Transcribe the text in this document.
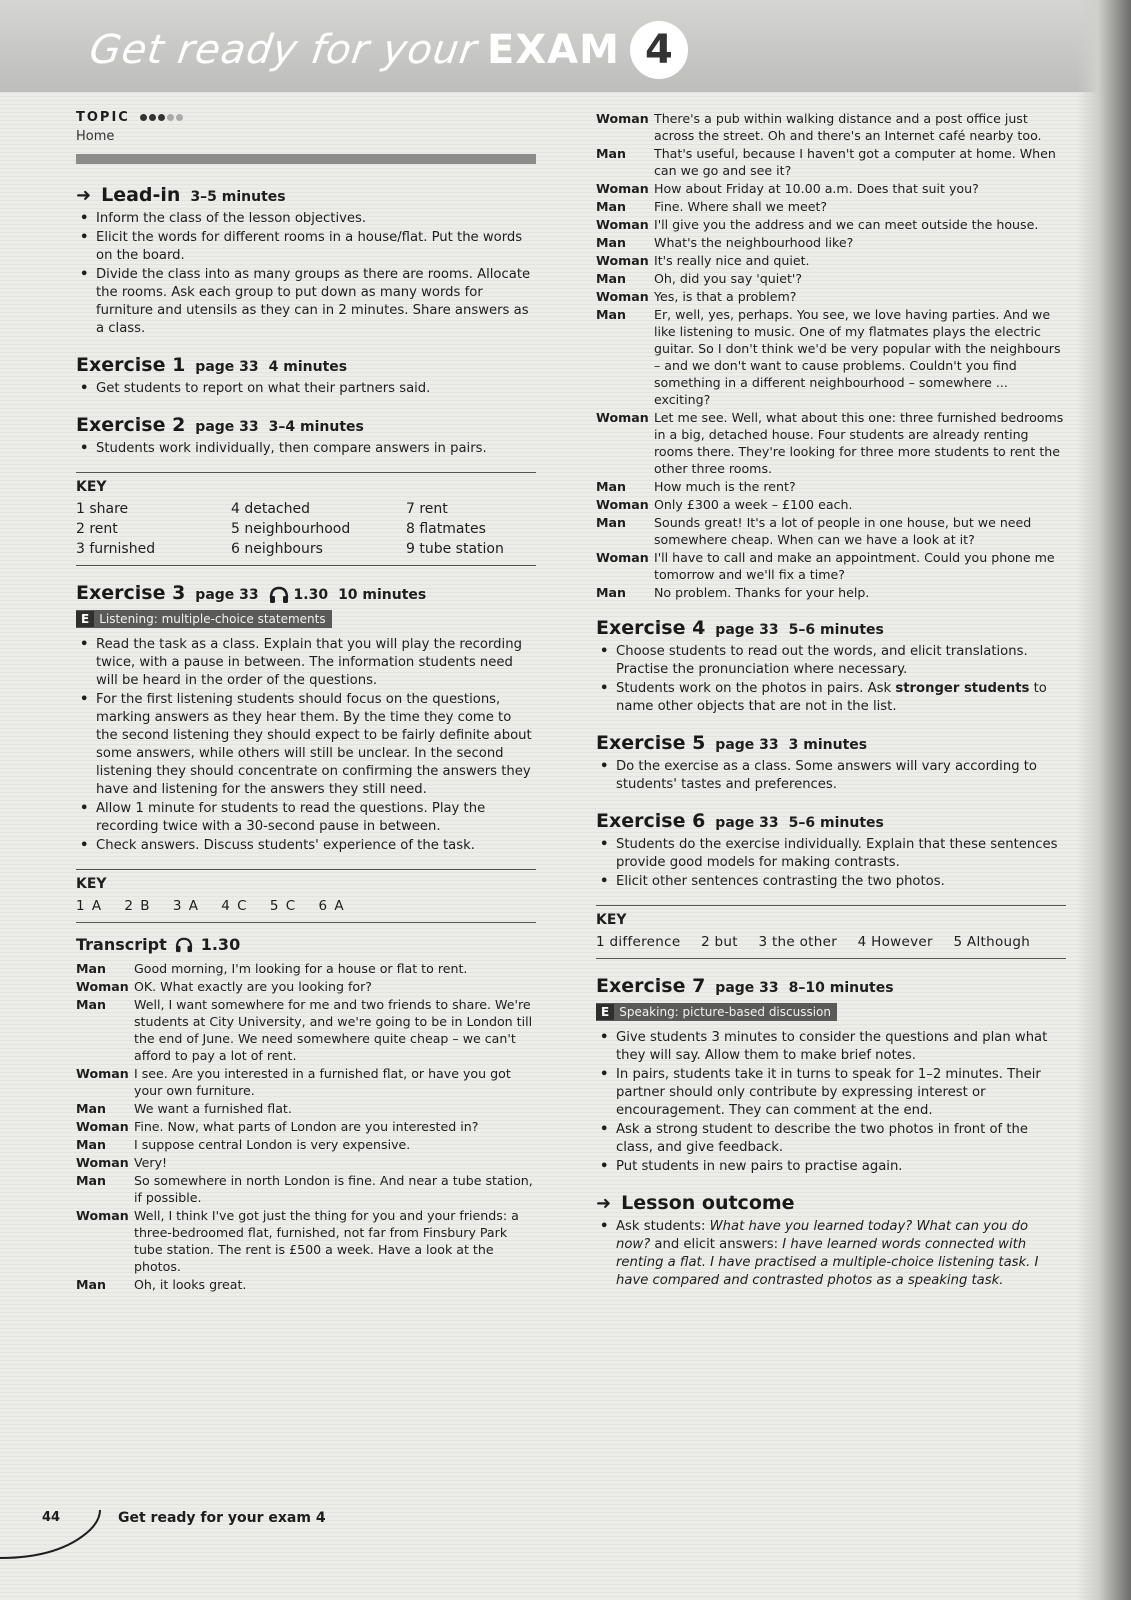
Get ready for your EXAM 4
TOPIC
Home
➜ Lead-in 3–5 minutes
• Inform the class of the lesson objectives.
• Elicit the words for different rooms in a house/flat. Put the words on the board.
• Divide the class into as many groups as there are rooms. Allocate the rooms. Ask each group to put down as many words for furniture and utensils as they can in 2 minutes. Share answers as a class.
Exercise 1 page 33 4 minutes
• Get students to report on what their partners said.
Exercise 2 page 33 3–4 minutes
• Students work individually, then compare answers in pairs.
KEY
1 share	4 detached	7 rent
2 rent	5 neighbourhood	8 flatmates
3 furnished	6 neighbours	9 tube station
Exercise 3 page 33	1.30 10 minutes
E Listening: multiple-choice statements
• Read the task as a class. Explain that you will play the recording twice, with a pause in between. The information students need will be heard in the order of the questions.
• For the first listening students should focus on the questions, marking answers as they hear them. By the time they come to the second listening they should expect to be fairly definite about some answers, while others will still be unclear. In the second listening they should concentrate on confirming the answers they have and listening for the answers they still need.
• Allow 1 minute for students to read the questions. Play the recording twice with a 30-second pause in between.
• Check answers. Discuss students' experience of the task.
KEY
1 A 2 B 3 A 4 C 5 C 6 A
Transcript 1.30
Man	Good morning, I'm looking for a house or flat to rent.
Woman OK. What exactly are you looking for?
Man	Well, I want somewhere for me and two friends to share. We're students at City University, and we're going to be in London till the end of June. We need somewhere quite cheap – we can't afford to pay a lot of rent.
Woman I see. Are you interested in a furnished flat, or have you got your own furniture.
Man	We want a furnished flat.
Woman Fine. Now, what parts of London are you interested in?
Man	I suppose central London is very expensive.
Woman Very!
Man	So somewhere in north London is fine. And near a tube station, if possible.
Woman Well, I think I've got just the thing for you and your friends: a three-bedroomed flat, furnished, not far from Finsbury Park tube station. The rent is £500 a week. Have a look at the photos.
Man	Oh, it looks great.
Woman There's a pub within walking distance and a post office just across the street. Oh and there's an Internet café nearby too.
Man	That's useful, because I haven't got a computer at home. When can we go and see it?
Woman How about Friday at 10.00 a.m. Does that suit you?
Man	Fine. Where shall we meet?
Woman I'll give you the address and we can meet outside the house.
Man	What's the neighbourhood like?
Woman It's really nice and quiet.
Man	Oh, did you say 'quiet'?
Woman Yes, is that a problem?
Man	Er, well, yes, perhaps. You see, we love having parties. And we like listening to music. One of my flatmates plays the electric guitar. So I don't think we'd be very popular with the neighbours – and we don't want to cause problems. Couldn't you find something in a different neighbourhood – somewhere ... exciting?
Woman Let me see. Well, what about this one: three furnished bedrooms in a big, detached house. Four students are already renting rooms there. They're looking for three more students to rent the other three rooms.
Man	How much is the rent?
Woman Only £300 a week – £100 each.
Man	Sounds great! It's a lot of people in one house, but we need somewhere cheap. When can we have a look at it?
Woman I'll have to call and make an appointment. Could you phone me tomorrow and we'll fix a time?
Man	No problem. Thanks for your help.
Exercise 4 page 33 5–6 minutes
• Choose students to read out the words, and elicit translations. Practise the pronunciation where necessary.
• Students work on the photos in pairs. Ask stronger students to name other objects that are not in the list.
Exercise 5 page 33 3 minutes
• Do the exercise as a class. Some answers will vary according to students' tastes and preferences.
Exercise 6 page 33 5–6 minutes
• Students do the exercise individually. Explain that these sentences provide good models for making contrasts.
• Elicit other sentences contrasting the two photos.
KEY
1 difference 2 but 3 the other 4 However 5 Although
Exercise 7 page 33 8–10 minutes
E Speaking: picture-based discussion
• Give students 3 minutes to consider the questions and plan what they will say. Allow them to make brief notes.
• In pairs, students take it in turns to speak for 1–2 minutes. Their partner should only contribute by expressing interest or encouragement. They can comment at the end.
• Ask a strong student to describe the two photos in front of the class, and give feedback.
• Put students in new pairs to practise again.
➜ Lesson outcome
• Ask students: What have you learned today? What can you do now? and elicit answers: I have learned words connected with renting a flat. I have practised a multiple-choice listening task. I have compared and contrasted photos as a speaking task.
44	Get ready for your exam 4
